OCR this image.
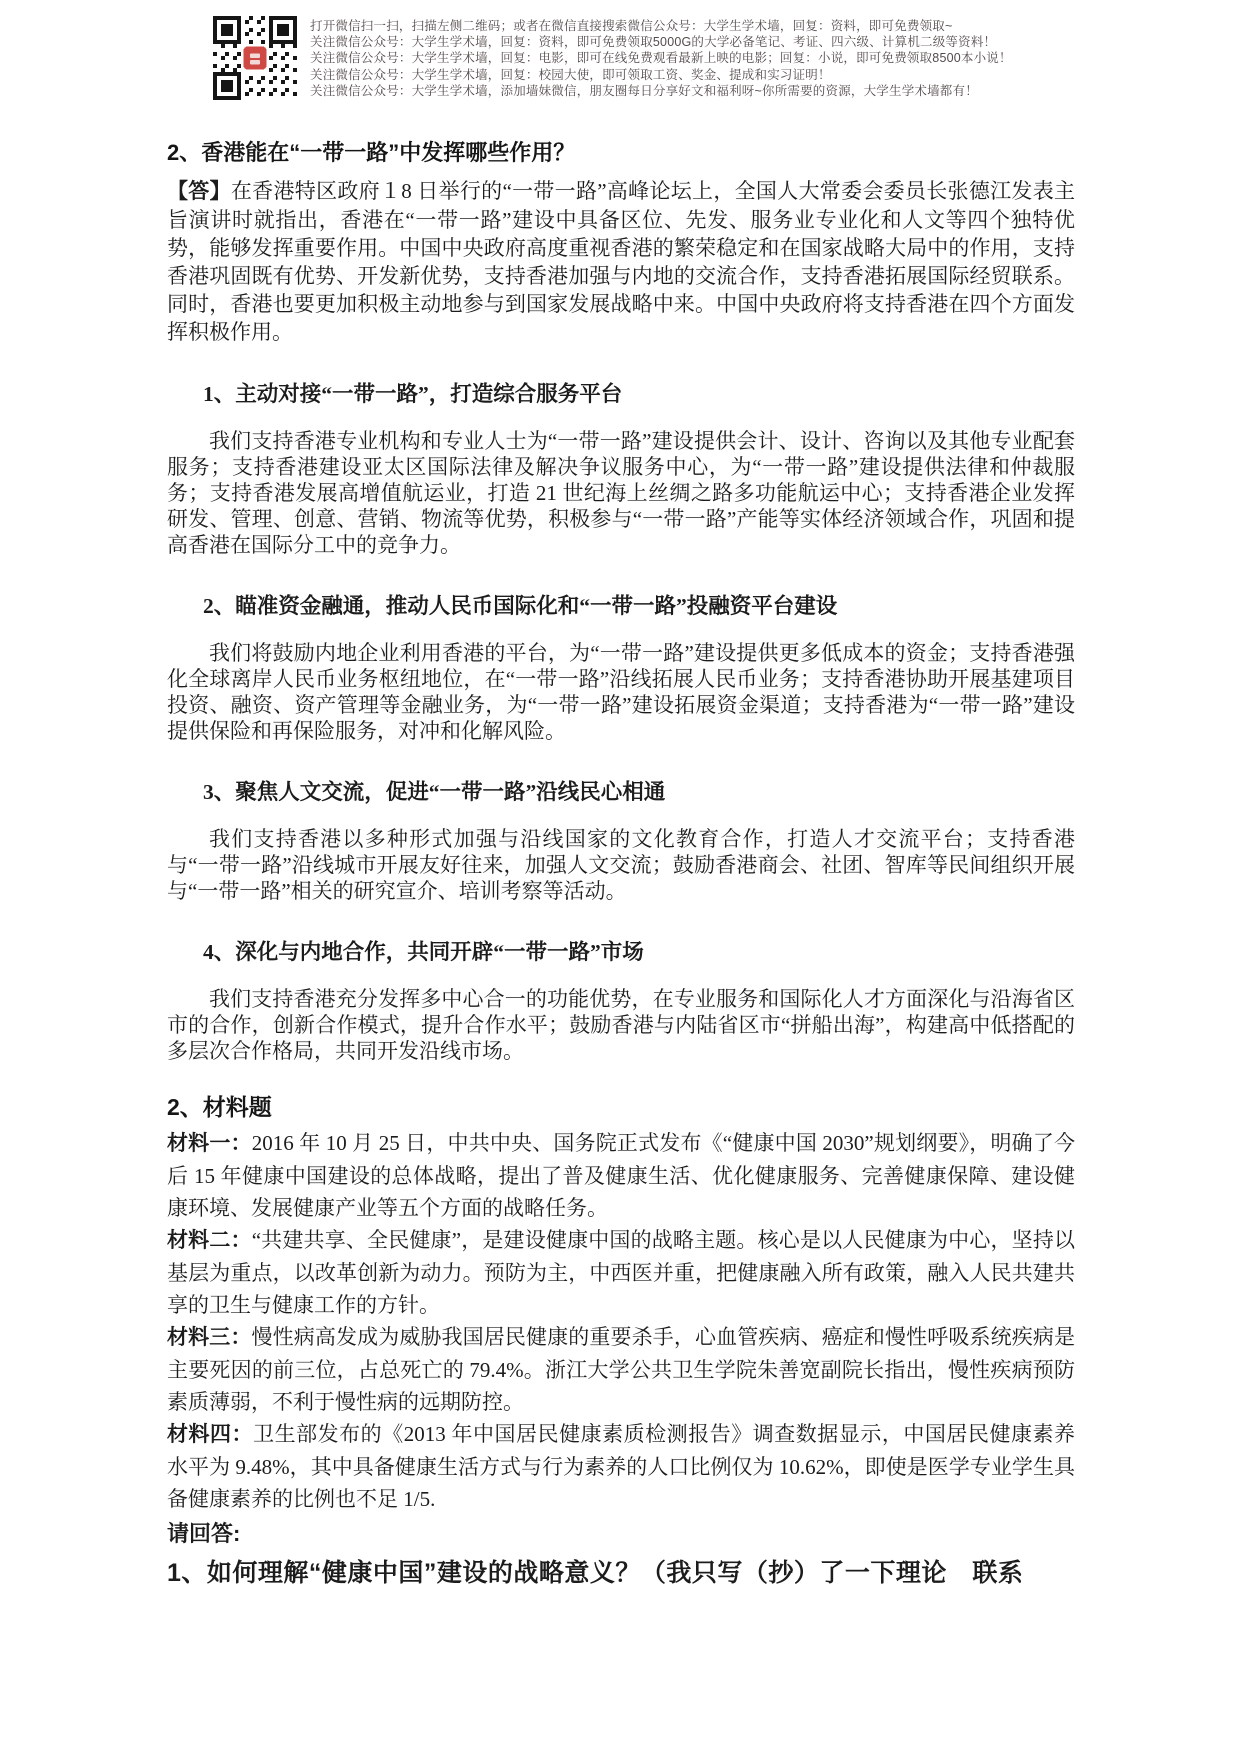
打开微信扫一扫，扫描左侧二维码；或者在微信直接搜索微信公众号：大学生学术墙，回复：资料，即可免费领取~
关注微信公众号：大学生学术墙，回复：资料，即可免费领取5000G的大学必备笔记、考证、四六级、计算机二级等资料！
关注微信公众号：大学生学术墙，回复：电影，即可在线免费观看最新上映的电影；回复：小说，即可免费领取8500本小说！
关注微信公众号：大学生学术墙，回复：校园大使，即可领取工资、奖金、提成和实习证明！
关注微信公众号：大学生学术墙，添加墙妹微信，朋友圈每日分享好文和福利呀~你所需要的资源，大学生学术墙都有！
2、香港能在“一带一路”中发挥哪些作用？

【答】在香港特区政府１8 日举行的“一带一路”高峰论坛上，全国人大常委会委员长张德江发表主旨演讲时就指出，香港在“一带一路”建设中具备区位、先发、服务业专业化和人文等四个独特优势，能够发挥重要作用。中国中央政府高度重视香港的繁荣稳定和在国家战略大局中的作用，支持香港巩固既有优势、开发新优势，支持香港加强与内地的交流合作，支持香港拓展国际经贸联系。同时，香港也要更加积极主动地参与到国家发展战略中来。中国中央政府将支持香港在四个方面发挥积极作用。

1、主动对接“一带一路”，打造综合服务平台

我们支持香港专业机构和专业人士为“一带一路”建设提供会计、设计、咨询以及其他专业配套服务；支持香港建设亚太区国际法律及解决争议服务中心，为“一带一路”建设提供法律和仲裁服务；支持香港发展高增值航运业，打造 21 世纪海上丝绸之路多功能航运中心；支持香港企业发挥研发、管理、创意、营销、物流等优势，积极参与“一带一路”产能等实体经济领域合作，巩固和提高香港在国际分工中的竞争力。

2、瞄准资金融通，推动人民币国际化和“一带一路”投融资平台建设

我们将鼓励内地企业利用香港的平台，为“一带一路”建设提供更多低成本的资金；支持香港强化全球离岸人民币业务枢纽地位，在“一带一路”沿线拓展人民币业务；支持香港协助开展基建项目投资、融资、资产管理等金融业务，为“一带一路”建设拓展资金渠道；支持香港为“一带一路”建设提供保险和再保险服务，对冲和化解风险。

3、聚焦人文交流，促进“一带一路”沿线民心相通

我们支持香港以多种形式加强与沿线国家的文化教育合作，打造人才交流平台；支持香港与“一带一路”沿线城市开展友好往来，加强人文交流；鼓励香港商会、社团、智库等民间组织开展与“一带一路”相关的研究宣介、培训考察等活动。

4、深化与内地合作，共同开辟“一带一路”市场

我们支持香港充分发挥多中心合一的功能优势，在专业服务和国际化人才方面深化与沿海省区市的合作，创新合作模式，提升合作水平；鼓励香港与内陆省区市“拼船出海”，构建高中低搭配的多层次合作格局，共同开发沿线市场。

2、材料题

材料一：2016 年 10 月 25 日，中共中央、国务院正式发布《“健康中国 2030”规划纲要》，明确了今后 15 年健康中国建设的总体战略，提出了普及健康生活、优化健康服务、完善健康保障、建设健康环境、发展健康产业等五个方面的战略任务。

材料二：“共建共享、全民健康”，是建设健康中国的战略主题。核心是以人民健康为中心，坚持以基层为重点，以改革创新为动力。预防为主，中西医并重，把健康融入所有政策，融入人民共建共享的卫生与健康工作的方针。

材料三：慢性病高发成为威胁我国居民健康的重要杀手，心血管疾病、癌症和慢性呼吸系统疾病是主要死因的前三位，占总死亡的 79.4%。浙江大学公共卫生学院朱善宽副院长指出，慢性疾病预防素质薄弱，不利于慢性病的远期防控。

材料四：卫生部发布的《2013 年中国居民健康素质检测报告》调查数据显示，中国居民健康素养水平为 9.48%，其中具备健康生活方式与行为素养的人口比例仅为 10.62%，即使是医学专业学生具备健康素养的比例也不足 1/5.

请回答:

1、如何理解“健康中国”建设的战略意义？（我只写（抄）了一下理论　联系
